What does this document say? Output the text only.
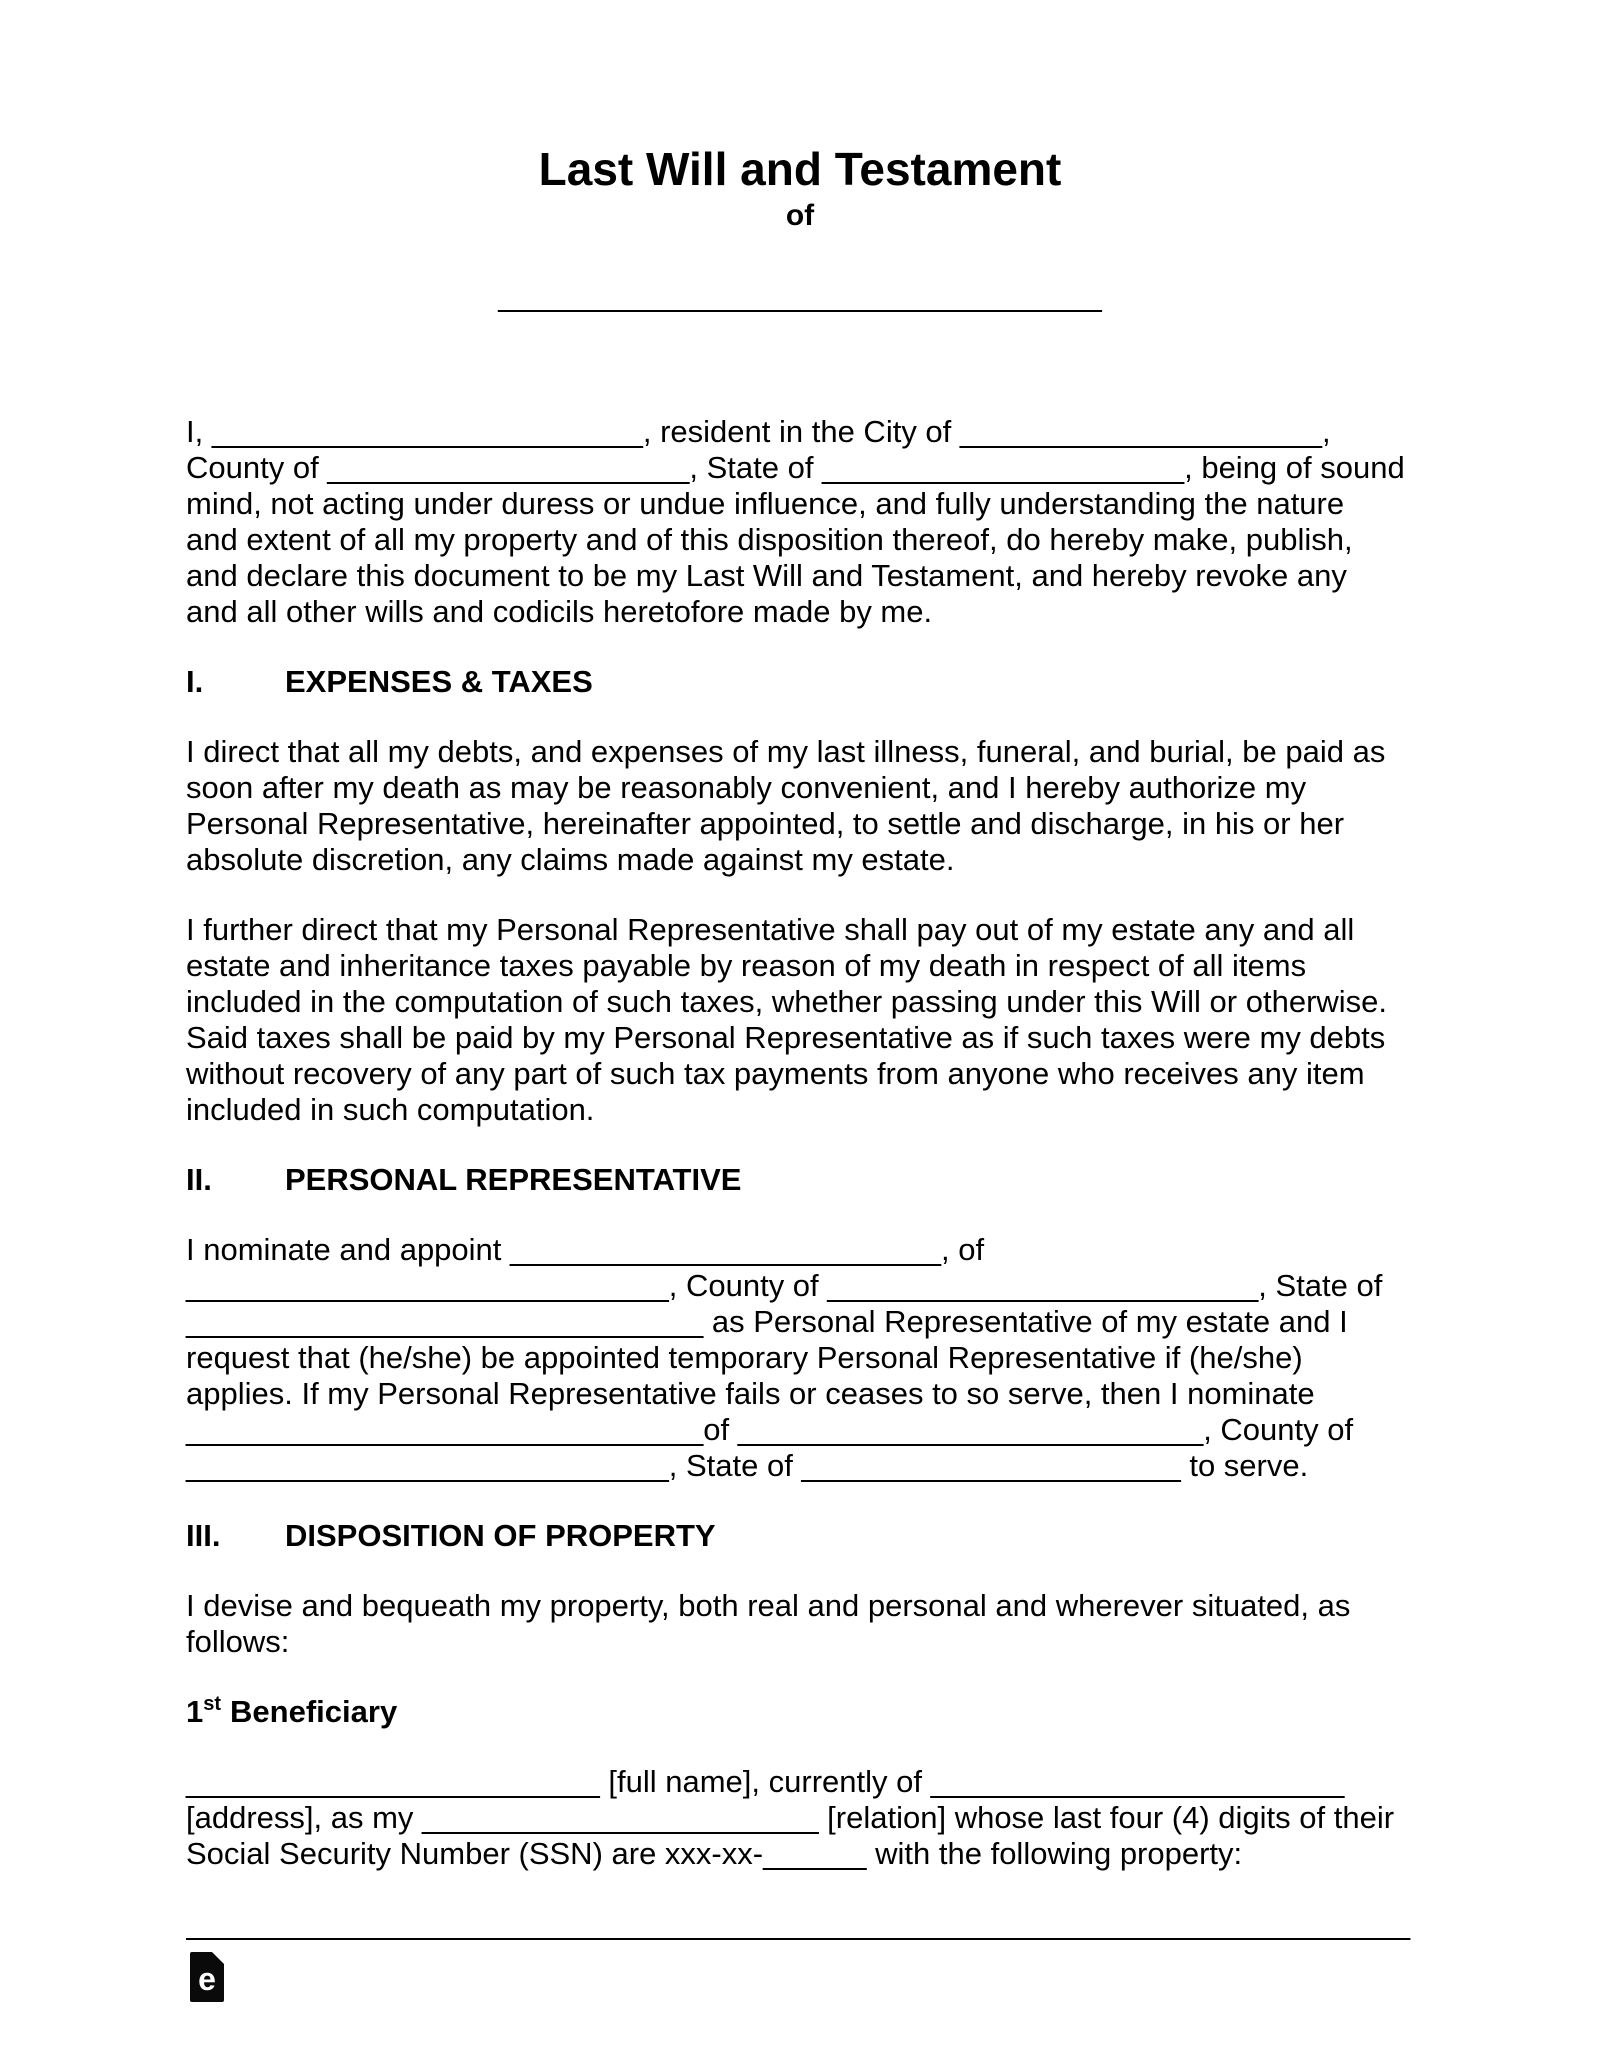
Last Will and Testament
of
___________________________________
I, _________________________, resident in the City of _____________________,
County of _____________________, State of _____________________, being of sound
mind, not acting under duress or undue influence, and fully understanding the nature
and extent of all my property and of this disposition thereof, do hereby make, publish,
and declare this document to be my Last Will and Testament, and hereby revoke any
and all other wills and codicils heretofore made by me.
I.	EXPENSES & TAXES
I direct that all my debts, and expenses of my last illness, funeral, and burial, be paid as
soon after my death as may be reasonably convenient, and I hereby authorize my
Personal Representative, hereinafter appointed, to settle and discharge, in his or her
absolute discretion, any claims made against my estate.
I further direct that my Personal Representative shall pay out of my estate any and all
estate and inheritance taxes payable by reason of my death in respect of all items
included in the computation of such taxes, whether passing under this Will or otherwise.
Said taxes shall be paid by my Personal Representative as if such taxes were my debts
without recovery of any part of such tax payments from anyone who receives any item
included in such computation.
II.	PERSONAL REPRESENTATIVE
I nominate and appoint _________________________, of
____________________________, County of _________________________, State of
______________________________ as Personal Representative of my estate and I
request that (he/she) be appointed temporary Personal Representative if (he/she)
applies. If my Personal Representative fails or ceases to so serve, then I nominate
______________________________of ___________________________, County of
____________________________, State of ______________________ to serve.
III.	DISPOSITION OF PROPERTY
I devise and bequeath my property, both real and personal and wherever situated, as
follows:
1st Beneficiary
________________________ [full name], currently of ________________________
[address], as my _______________________ [relation] whose last four (4) digits of their
Social Security Number (SSN) are xxx-xx-______ with the following property:
_______________________________________________________________________
e
